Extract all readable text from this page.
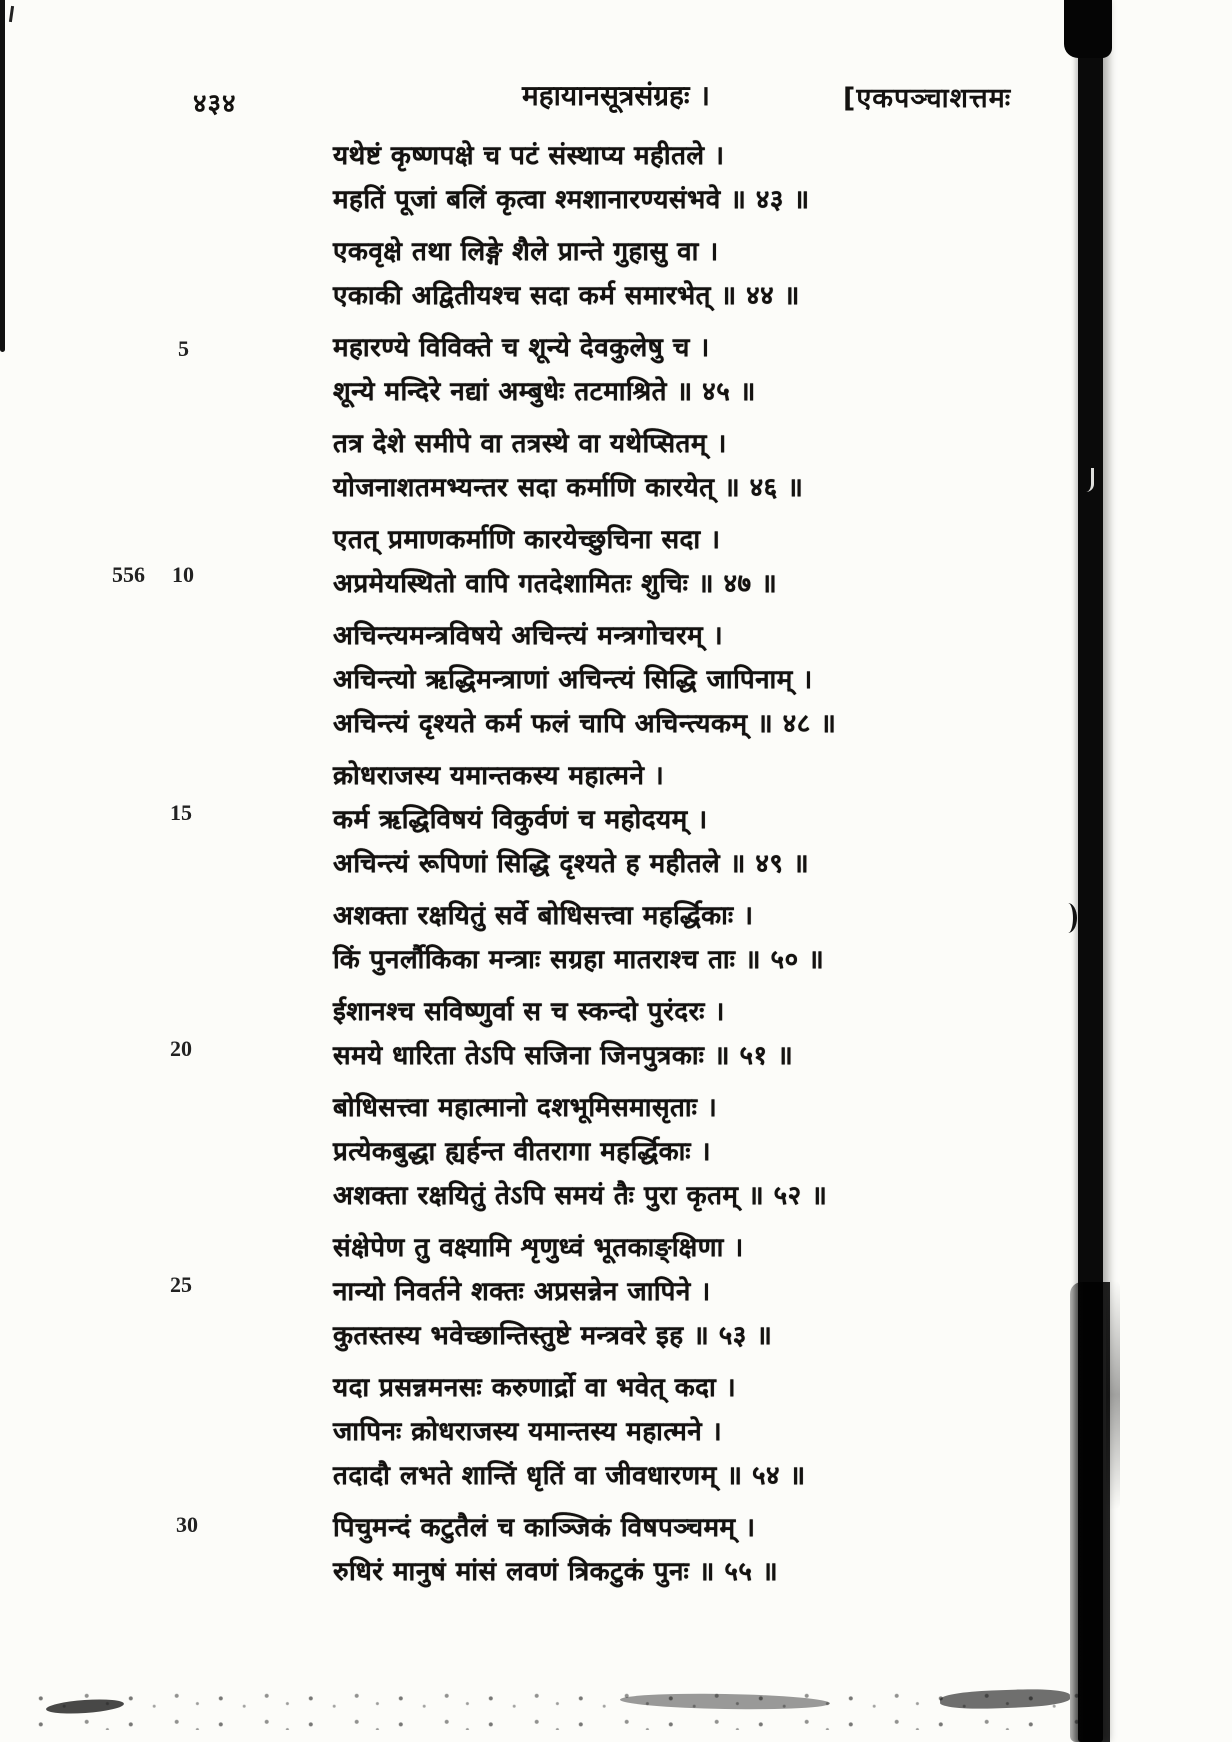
४३४	महायानसूत्रसंग्रहः ।	[एकपञ्चाशत्तमः
5
556 10
15
20
25
30

यथेष्टं कृष्णपक्षे च पटं संस्थाप्य महीतले ।

महतिं पूजां बलिं कृत्वा श्मशानारण्यसंभवे ॥ ४३ ॥

एकवृक्षे तथा लिङ्गे शैले प्रान्ते गुहासु वा ।

एकाकी अद्वितीयश्च सदा कर्म समारभेत् ॥ ४४ ॥

महारण्ये विविक्ते च शून्ये देवकुलेषु च ।

शून्ये मन्दिरे नद्यां अम्बुधेः तटमाश्रिते ॥ ४५ ॥

तत्र देशे समीपे वा तत्रस्थे वा यथेप्सितम् ।

योजनाशतमभ्यन्तर सदा कर्माणि कारयेत् ॥ ४६ ॥

एतत् प्रमाणकर्माणि कारयेच्छुचिना सदा ।

अप्रमेयस्थितो वापि गतदेशामितः शुचिः ॥ ४७ ॥

अचिन्त्यमन्त्रविषये अचिन्त्यं मन्त्रगोचरम् ।

अचिन्त्यो ऋद्धिमन्त्राणां अचिन्त्यं सिद्धि जापिनाम् ।

अचिन्त्यं दृश्यते कर्म फलं चापि अचिन्त्यकम् ॥ ४८ ॥

क्रोधराजस्य यमान्तकस्य महात्मने ।

कर्म ऋद्धिविषयं विकुर्वणं च महोदयम् ।

अचिन्त्यं रूपिणां सिद्धि दृश्यते ह महीतले ॥ ४९ ॥

अशक्ता रक्षयितुं सर्वे बोधिसत्त्वा महर्द्धिकाः ।

किं पुनर्लौकिका मन्त्राः सग्रहा मातराश्च ताः ॥ ५० ॥

ईशानश्च सविष्णुर्वा स च स्कन्दो पुरंदरः ।

समये धारिता तेऽपि सजिना जिनपुत्रकाः ॥ ५१ ॥

बोधिसत्त्वा महात्मानो दशभूमिसमासृताः ।

प्रत्येकबुद्धा ह्यर्हन्त वीतरागा महर्द्धिकाः ।

अशक्ता रक्षयितुं तेऽपि समयं तैः पुरा कृतम् ॥ ५२ ॥

संक्षेपेण तु वक्ष्यामि शृणुध्वं भूतकाङ्क्षिणा ।

नान्यो निवर्तने शक्तः अप्रसन्नेन जापिने ।

कुतस्तस्य भवेच्छान्तिस्तुष्टे मन्त्रवरे इह ॥ ५३ ॥

यदा प्रसन्नमनसः करुणार्द्रो वा भवेत् कदा ।

जापिनः क्रोधराजस्य यमान्तस्य महात्मने ।

तदादौ लभते शान्तिं धृतिं वा जीवधारणम् ॥ ५४ ॥

पिचुमन्दं कटुतैलं च काञ्जिकं विषपञ्चमम् ।

रुधिरं मानुषं मांसं लवणं त्रिकटुकं पुनः ॥ ५५ ॥
